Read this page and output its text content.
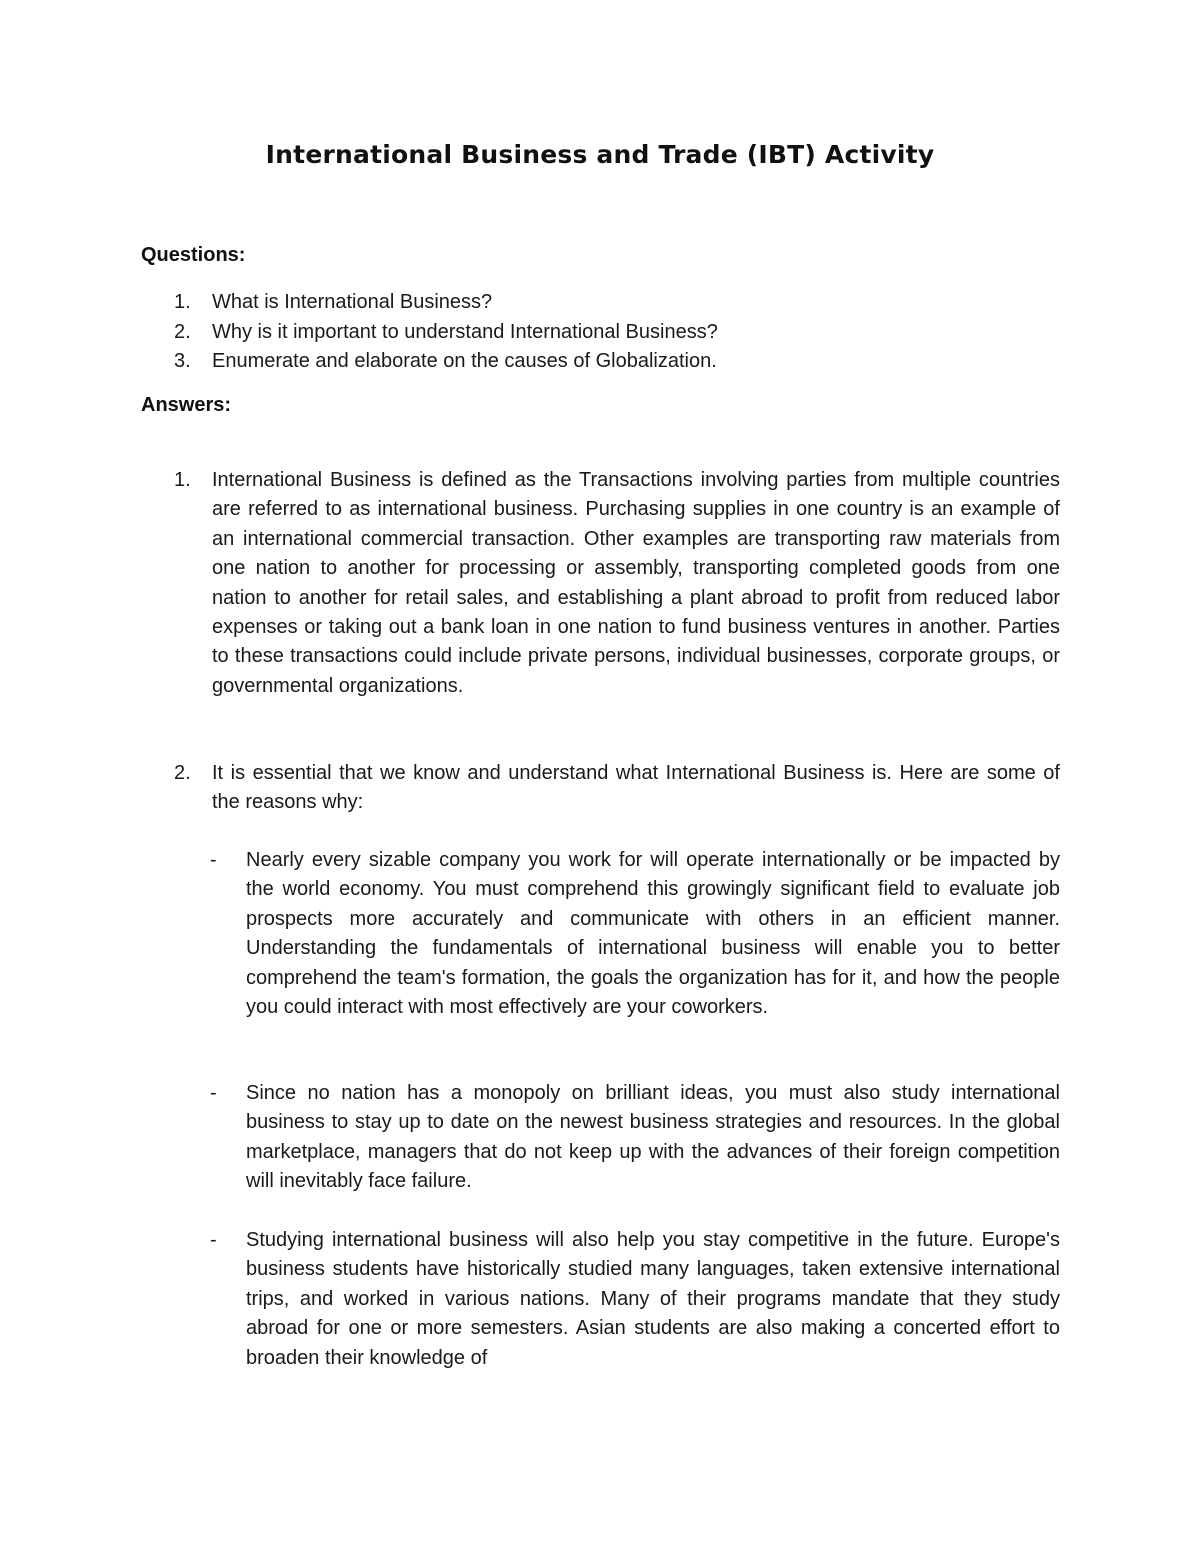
International Business and Trade (IBT) Activity
Questions:
1. What is International Business?
2. Why is it important to understand International Business?
3. Enumerate and elaborate on the causes of Globalization.
Answers:
1.	International Business is defined as the Transactions involving parties from multiple countries are referred to as international business. Purchasing supplies in one country is an example of an international commercial transaction. Other examples are transporting raw materials from one nation to another for processing or assembly, transporting completed goods from one nation to another for retail sales, and establishing a plant abroad to profit from reduced labor expenses or taking out a bank loan in one nation to fund business ventures in another. Parties to these transactions could include private persons, individual businesses, corporate groups, or governmental organizations.
2.	It is essential that we know and understand what International Business is. Here are some of the reasons why:
- Nearly every sizable company you work for will operate internationally or be impacted by the world economy. You must comprehend this growingly significant field to evaluate job prospects more accurately and communicate with others in an efficient manner. Understanding the fundamentals of international business will enable you to better comprehend the team's formation, the goals the organization has for it, and how the people you could interact with most effectively are your coworkers.
- Since no nation has a monopoly on brilliant ideas, you must also study international business to stay up to date on the newest business strategies and resources. In the global marketplace, managers that do not keep up with the advances of their foreign competition will inevitably face failure.
- Studying international business will also help you stay competitive in the future. Europe's business students have historically studied many languages, taken extensive international trips, and worked in various nations. Many of their programs mandate that they study abroad for one or more semesters. Asian students are also making a concerted effort to broaden their knowledge of
